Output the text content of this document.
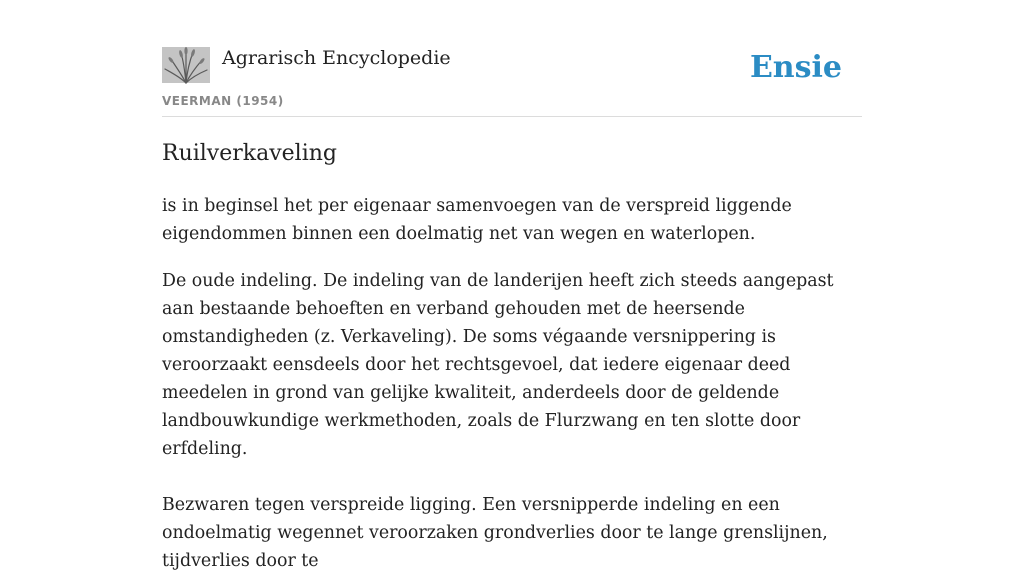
Agrarisch Encyclopedie
VEERMAN (1954)
Ensie
Ruilverkaveling

is in beginsel het per eigenaar samenvoegen van de verspreid liggende eigendommen binnen een doelmatig net van wegen en waterlopen.

De oude indeling. De indeling van de landerijen heeft zich steeds aangepast aan bestaande behoeften en verband gehouden met de heersende omstandigheden (z. Verkaveling). De soms végaande versnippering is veroorzaakt eensdeels door het rechtsgevoel, dat iedere eigenaar deed meedelen in grond van gelijke kwaliteit, anderdeels door de geldende landbouwkundige werkmethoden, zoals de Flurzwang en ten slotte door erfdeling.

Bezwaren tegen verspreide ligging. Een versnipperde indeling en een ondoelmatig wegennet veroorzaken grondverlies door te lange grenslijnen, tijdverlies door te
